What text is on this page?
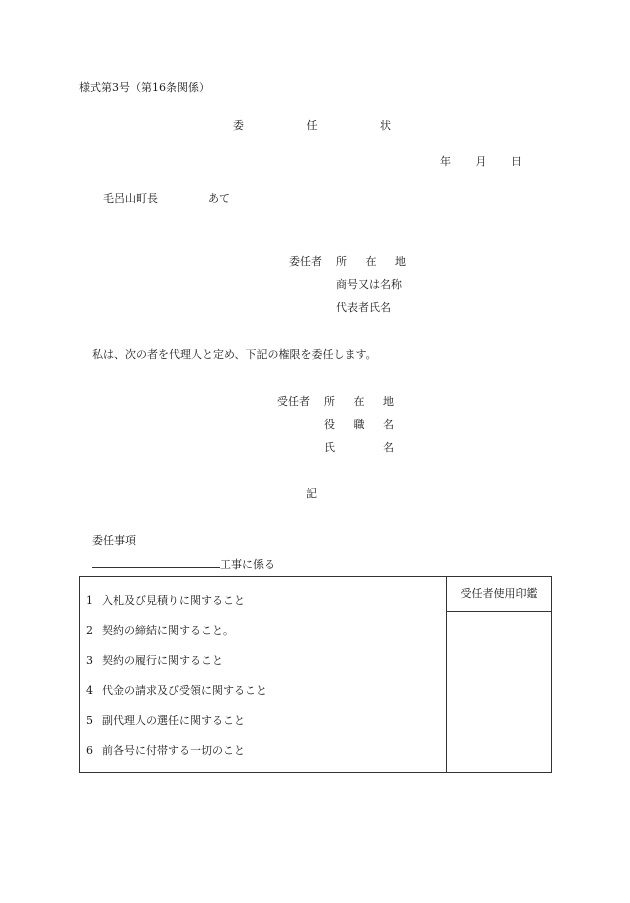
様式第3号（第16条関係）
委	任	状
年 月 日
毛呂山町長	あて
委任者 所 在 地
商号又は名称
代表者氏名
私は、次の者を代理人と定め、下記の権限を委任します。
受任者 所 在 地
役 職 名
氏	名
記
委任事項
工事に係る
1 入札及び見積りに関すること
2 契約の締結に関すること。
3 契約の履行に関すること
4 代金の請求及び受領に関すること
5 副代理人の選任に関すること
6 前各号に付帯する一切のこと
受任者使用印鑑
